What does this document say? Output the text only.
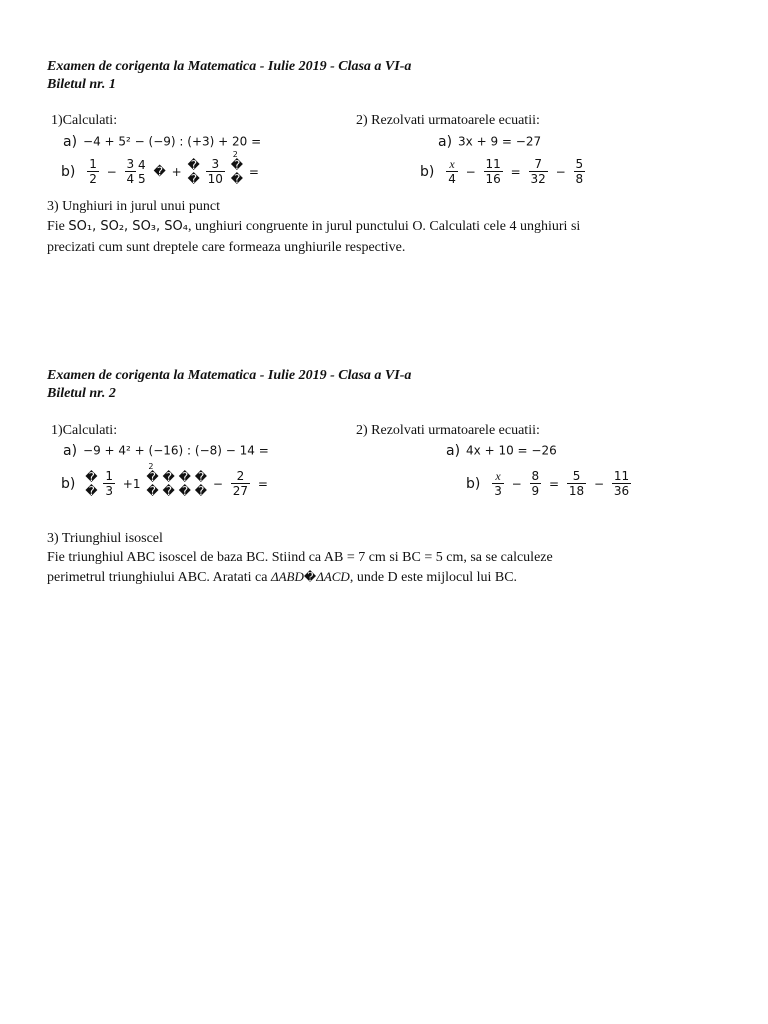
Examen de corigenta la Matematica - Iulie 2019 - Clasa a VI-a
Biletul nr. 1
1)Calculati:
a) −4 + 5² − (−9) : (+3) + 20 =
$b) \frac{1}{2} - \frac{3}{4}$
4
5 � + �
�
$\frac{3}{10}$

2
�
� =
2) Rezolvati urmatoarele ecuatii:
a) 3x + 9 = −27
$b) \frac{x}{4} - \frac{11}{16} = \frac{7}{32} - \frac{5}{8}$
3) Unghiuri in jurul unui punct
Fie SO₁, SO₂, SO₃, SO₄, unghiuri congruente in jurul punctului O. Calculati cele 4 unghiuri si
precizati cum sunt dreptele care formeaza unghiurile respective.
Examen de corigenta la Matematica - Iulie 2019 - Clasa a VI-a
Biletul nr. 2
1)Calculati:
a) −9 + 4² + (−16) : (−8) − 14 =
b) �
�
$\frac{1}{3} +1$
2
�
�

�
�

�
�

�
� − $\frac{2}{27}$ =
2) Rezolvati urmatoarele ecuatii:
a) 4x + 10 = −26
$b) \frac{x}{3} - \frac{8}{9} = \frac{5}{18} - \frac{11}{36}$
3) Triunghiul isoscel
Fie triunghiul ABC isoscel de baza BC. Stiind ca AB = 7 cm si BC = 5 cm, sa se calculeze
perimetrul triunghiului ABC. Aratati ca ΔABD�ΔACD, unde D este mijlocul lui BC.
